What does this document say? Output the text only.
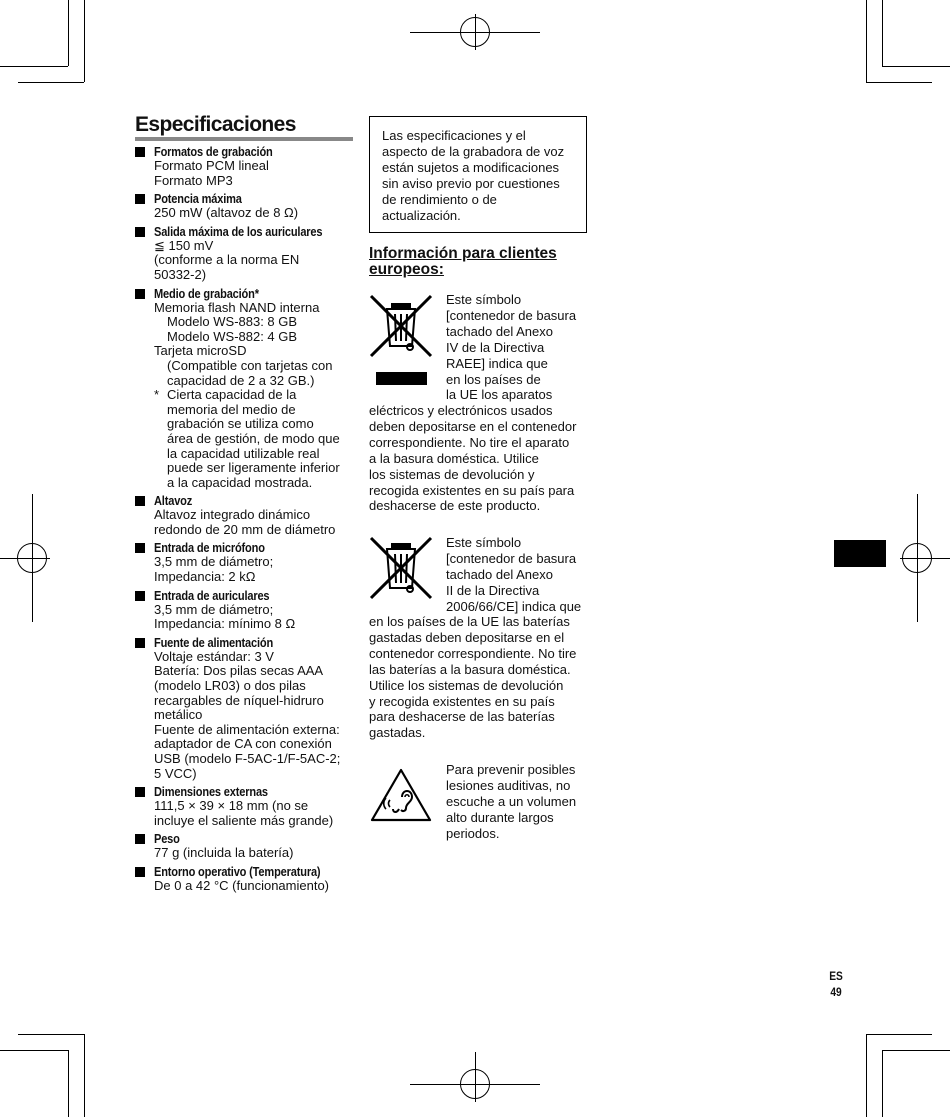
Especificaciones
Formatos de grabación
Formato PCM lineal
Formato MP3
Potencia máxima
250 mW (altavoz de 8 Ω)
Salida máxima de los auriculares
≦ 150 mV
(conforme a la norma EN
50332-2)
Medio de grabación*
Memoria flash NAND interna
Modelo WS-883: 8 GB
Modelo WS-882: 4 GB
Tarjeta microSD
(Compatible con tarjetas con
capacidad de 2 a 32 GB.)
* Cierta capacidad de la
memoria del medio de
grabación se utiliza como
área de gestión, de modo que
la capacidad utilizable real
puede ser ligeramente inferior
a la capacidad mostrada.
Altavoz
Altavoz integrado dinámico
redondo de 20 mm de diámetro
Entrada de micrófono
3,5 mm de diámetro;
Impedancia: 2 kΩ
Entrada de auriculares
3,5 mm de diámetro;
Impedancia: mínimo 8 Ω
Fuente de alimentación
Voltaje estándar: 3 V
Batería: Dos pilas secas AAA
(modelo LR03) o dos pilas
recargables de níquel-hidruro
metálico
Fuente de alimentación externa:
adaptador de CA con conexión
USB (modelo F-5AC-1/F-5AC-2;
5 VCC)
Dimensiones externas
111,5 × 39 × 18 mm (no se
incluye el saliente más grande)
Peso
77 g (incluida la batería)
Entorno operativo (Temperatura)
De 0 a 42 °C (funcionamiento)
Las especificaciones y el
aspecto de la grabadora de voz
están sujetos a modificaciones
sin aviso previo por cuestiones
de rendimiento o de
actualización.
Información para clientes
europeos:
Este símbolo
[contenedor de basura
tachado del Anexo
IV de la Directiva
RAEE] indica que
en los países de
la UE los aparatos
eléctricos y electrónicos usados
deben depositarse en el contenedor
correspondiente. No tire el aparato
a la basura doméstica. Utilice
los sistemas de devolución y
recogida existentes en su país para
deshacerse de este producto.
Este símbolo
[contenedor de basura
tachado del Anexo
II de la Directiva
2006/66/CE] indica que
en los países de la UE las baterías
gastadas deben depositarse en el
contenedor correspondiente. No tire
las baterías a la basura doméstica.
Utilice los sistemas de devolución
y recogida existentes en su país
para deshacerse de las baterías
gastadas.
Para prevenir posibles
lesiones auditivas, no
escuche a un volumen
alto durante largos
periodos.
ES
49
